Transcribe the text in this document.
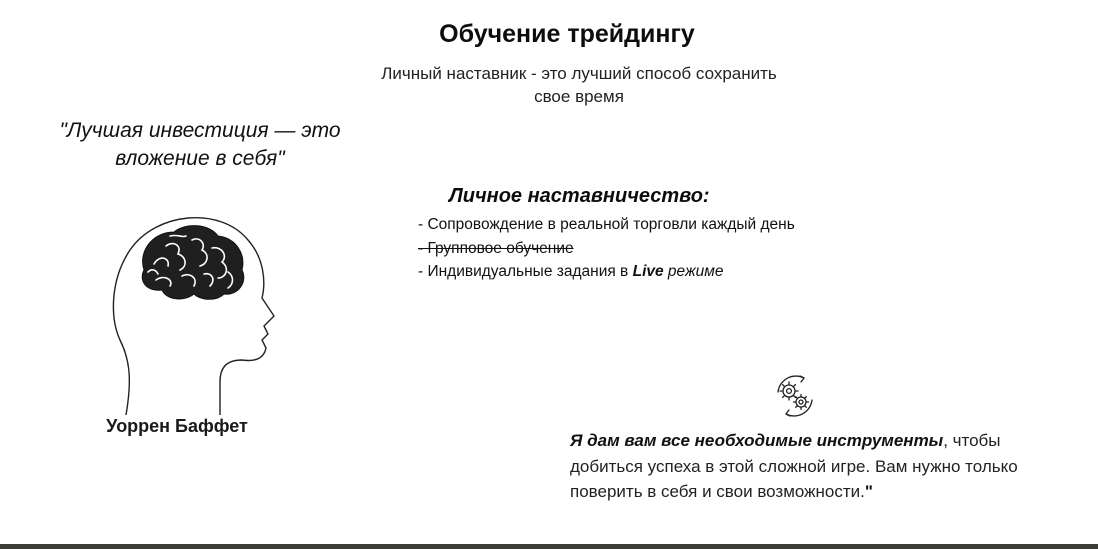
Обучение трейдингу
Личный наставник - это лучший способ сохранить свое время
"Лучшая инвестиция — это вложение в себя"
Уоррен Баффет
Личное наставничество:
- Сопровождение в реальной торговли каждый день
- Групповое обучение
- Индивидуальные задания в Live режиме
Я дам вам все необходимые инструменты, чтобы добиться успеха в этой сложной игре. Вам нужно только поверить в себя и свои возможности."
